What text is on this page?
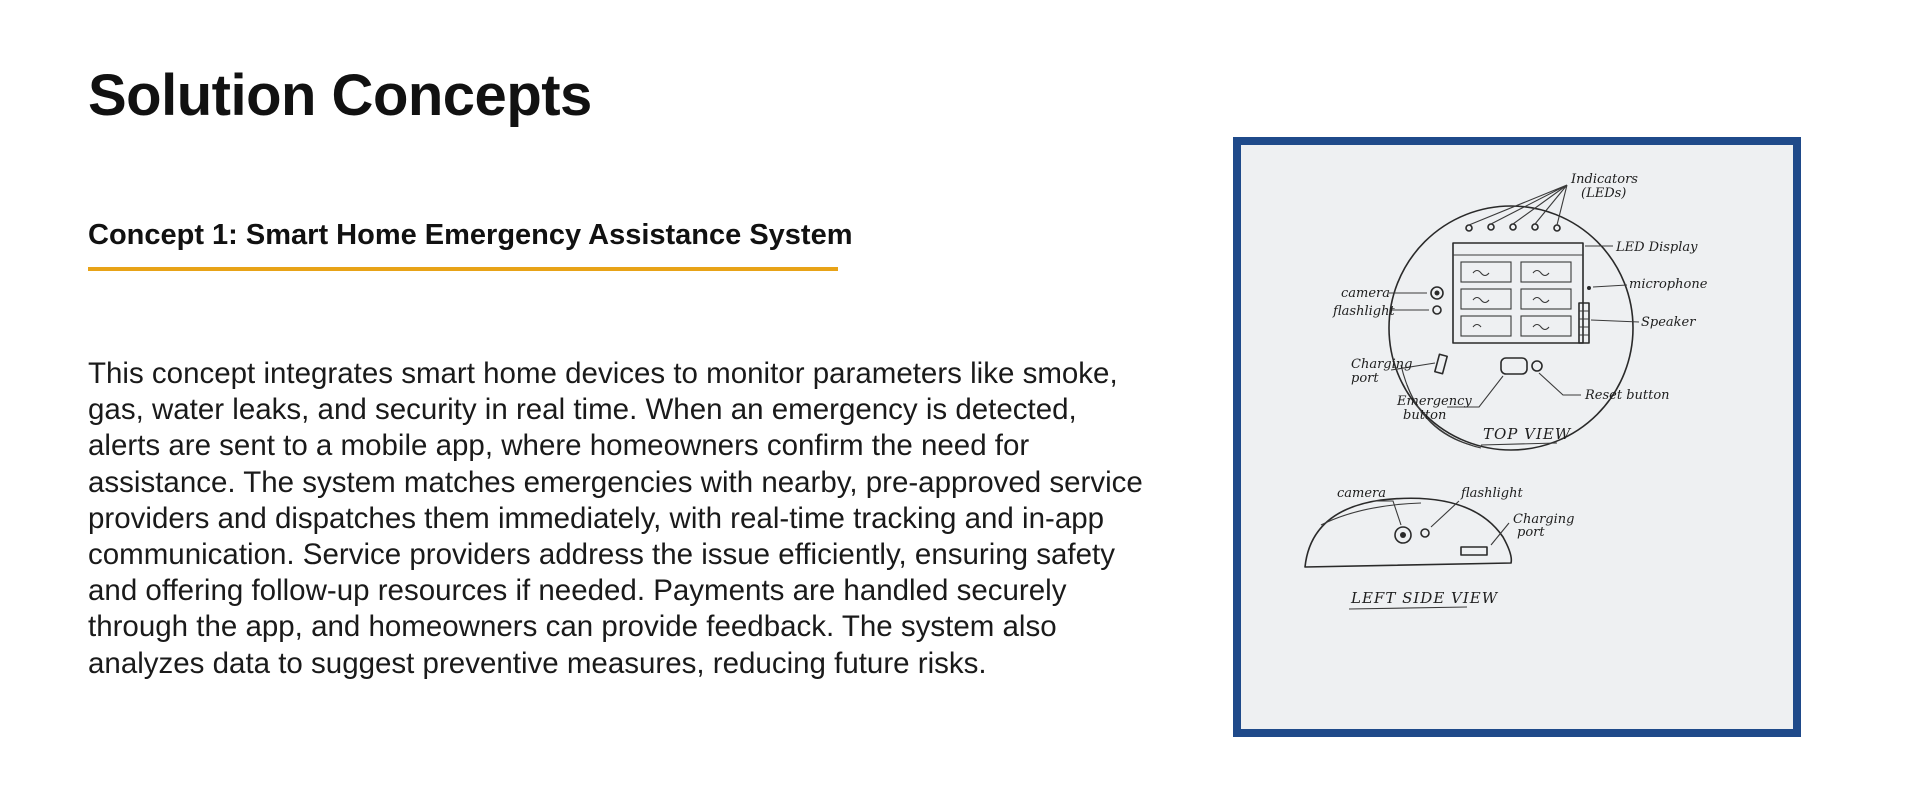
Solution Concepts
Concept 1: Smart Home Emergency Assistance System

This concept integrates smart home devices to monitor parameters like smoke, gas, water leaks, and security in real time. When an emergency is detected, alerts are sent to a mobile app, where homeowners confirm the need for assistance. The system matches emergencies with nearby, pre-approved service providers and dispatches them immediately, with real-time tracking and in-app communication. Service providers address the issue efficiently, ensuring safety and offering follow-up resources if needed. Payments are handled securely through the app, and homeowners can provide feedback. The system also analyzes data to suggest preventive measures, reducing future risks.

Indicators
(LEDs)
LED Display
camera
flashlight
microphone
Speaker
Charging
port
Emergency
button
Reset button
TOP VIEW
camera	flashlight
Charging
port
LEFT SIDE VIEW
